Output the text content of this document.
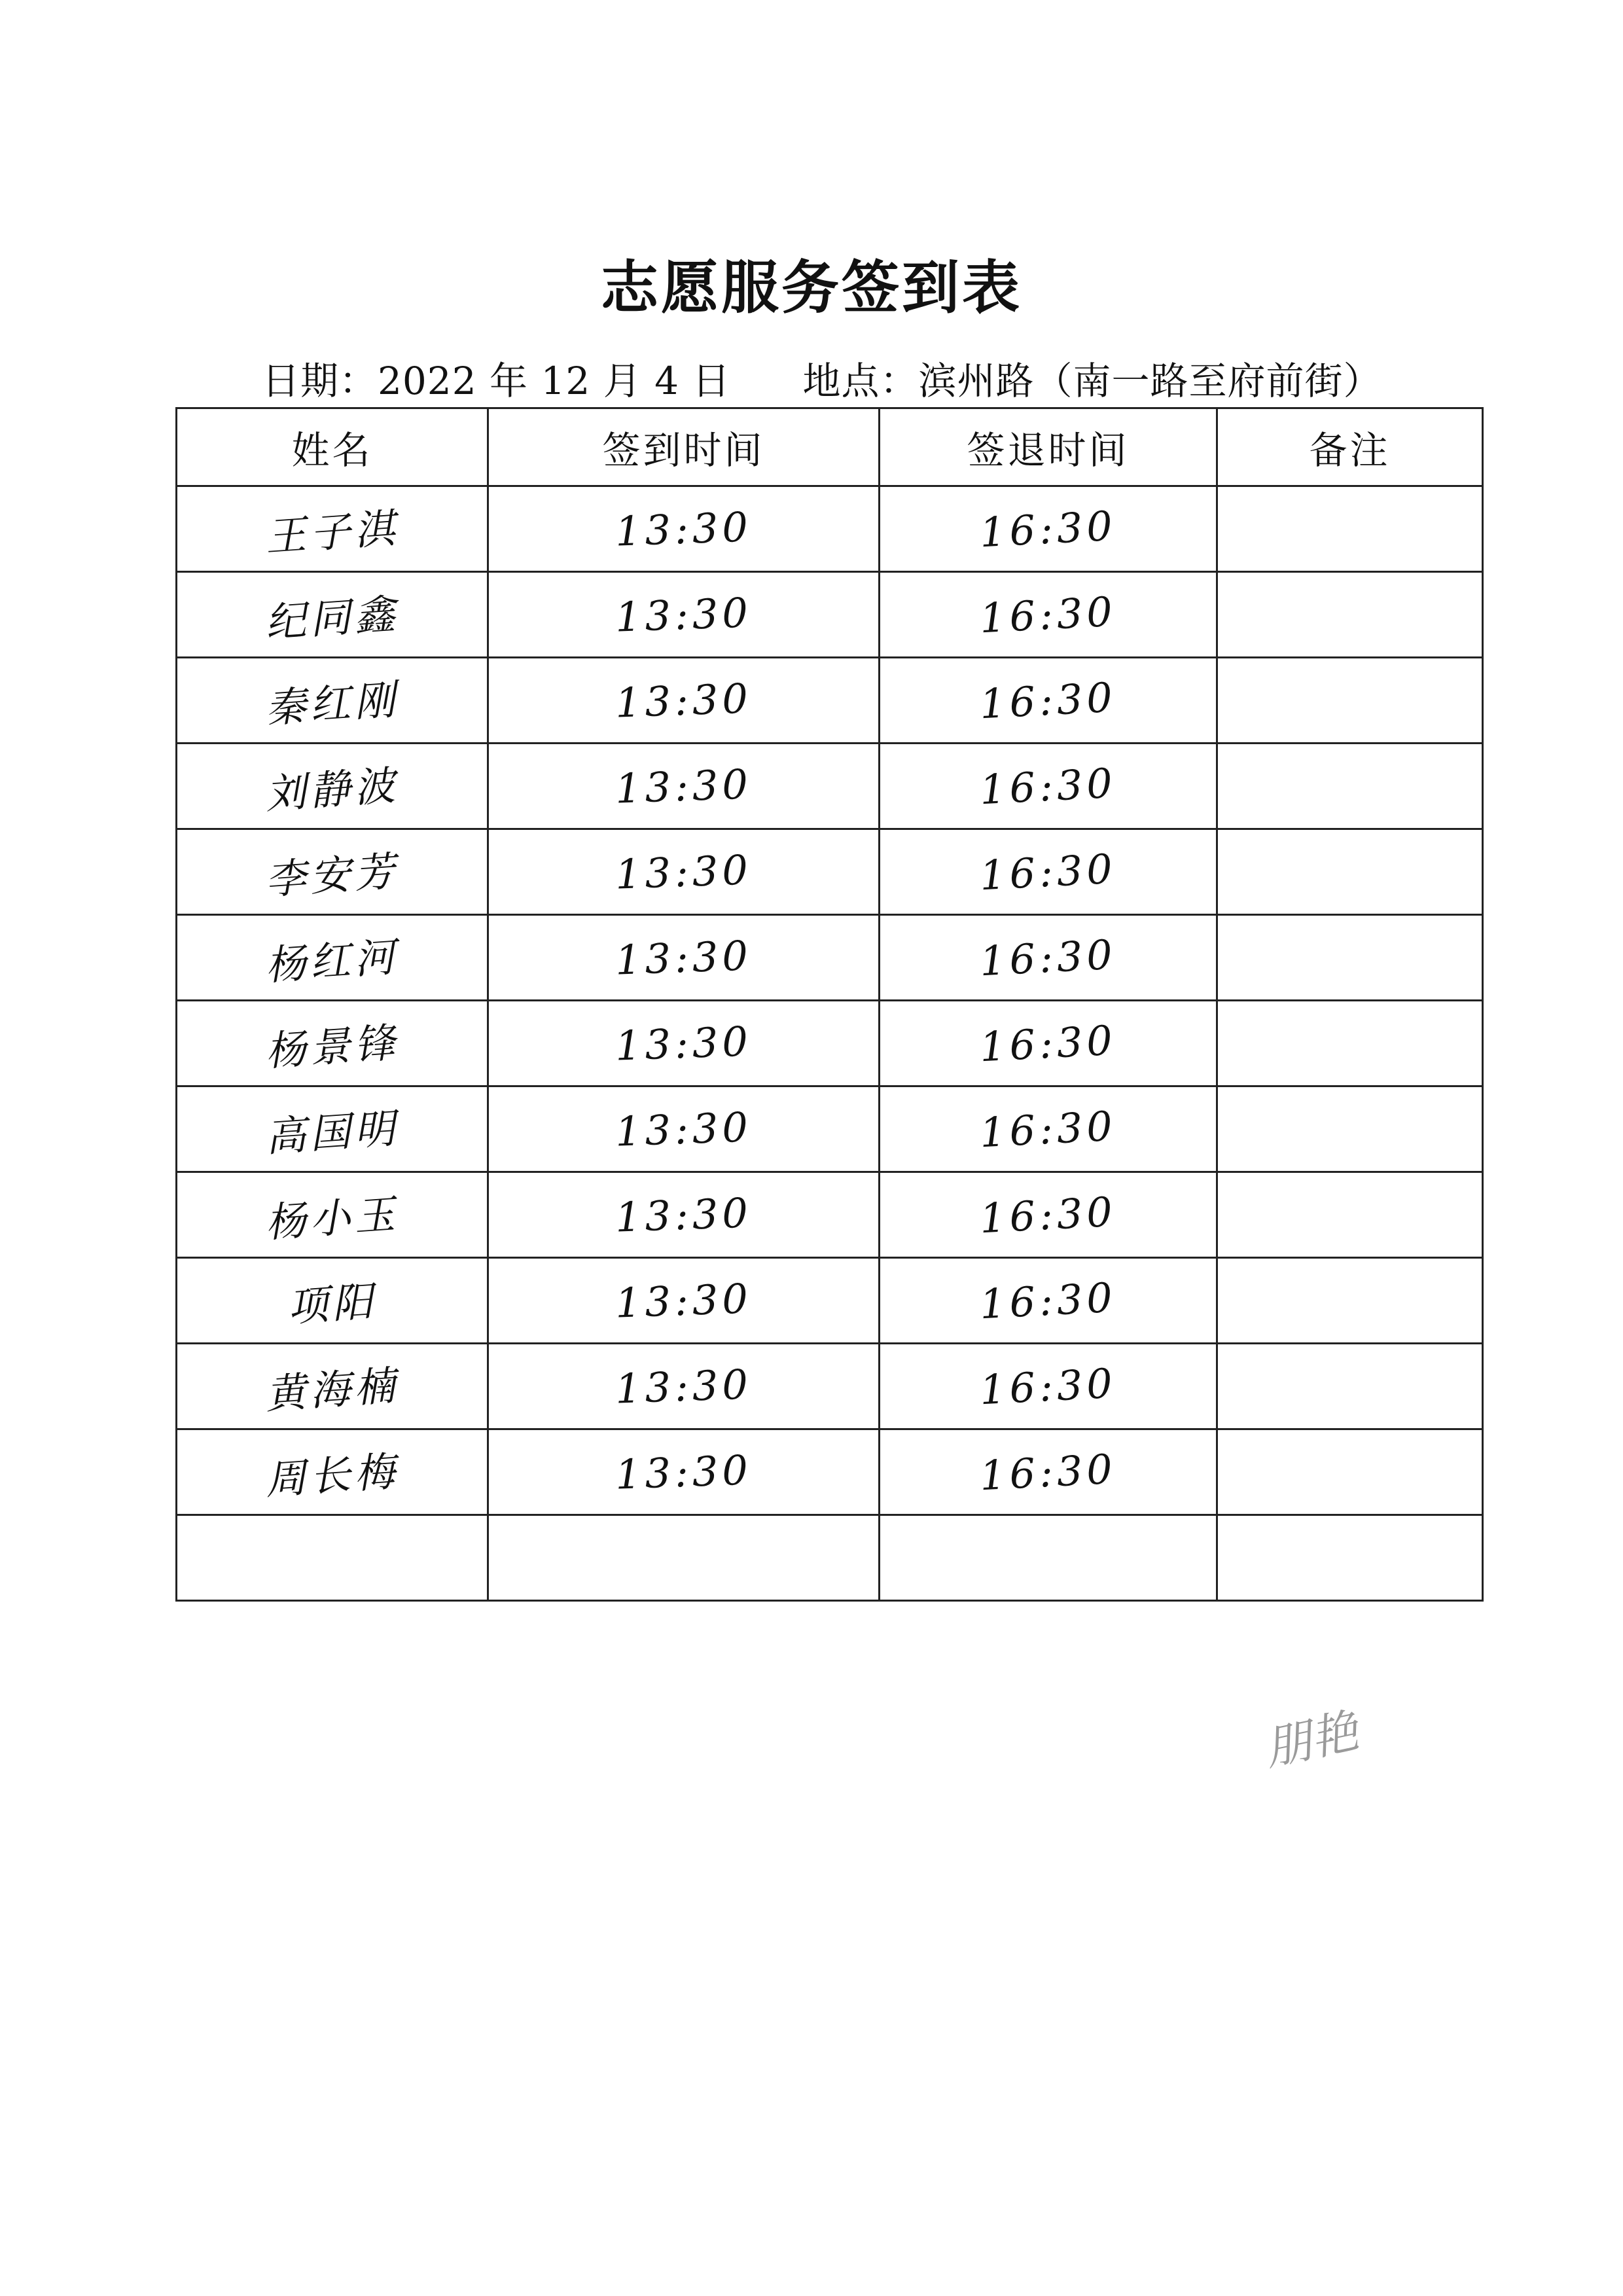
志愿服务签到表
日期：2022 年 12 月 4 日 地点：滨州路（南一路至府前街）
姓名	签到时间	签退时间	备注
王子淇	13:30	16:30	
纪同鑫	13:30	16:30	
秦红刚	13:30	16:30	
刘静波	13:30	16:30	
李安芳	13:30	16:30	
杨红河	13:30	16:30	
杨景锋	13:30	16:30	
高国明	13:30	16:30	
杨小玉	13:30	16:30	
项阳	13:30	16:30	
黄海楠	13:30	16:30	
周长梅	13:30	16:30	

朋艳
